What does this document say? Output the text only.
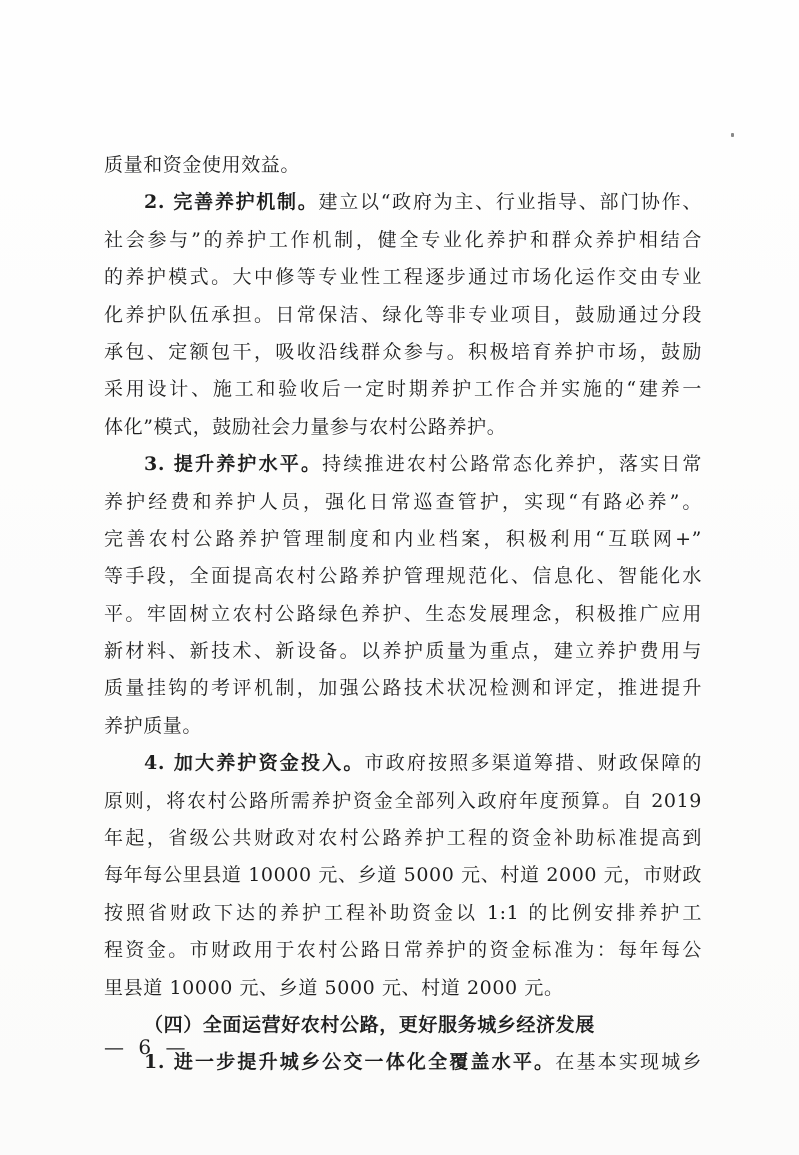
质量和资金使用效益。
2. 完善养护机制。建立以“政府为主、行业指导、部门协作、
社会参与”的养护工作机制，健全专业化养护和群众养护相结合
的养护模式。大中修等专业性工程逐步通过市场化运作交由专业
化养护队伍承担。日常保洁、绿化等非专业项目，鼓励通过分段
承包、定额包干，吸收沿线群众参与。积极培育养护市场，鼓励
采用设计、施工和验收后一定时期养护工作合并实施的“建养一
体化”模式，鼓励社会力量参与农村公路养护。
3. 提升养护水平。持续推进农村公路常态化养护，落实日常
养护经费和养护人员，强化日常巡查管护，实现“有路必养”。
完善农村公路养护管理制度和内业档案，积极利用“互联网+”
等手段，全面提高农村公路养护管理规范化、信息化、智能化水
平。牢固树立农村公路绿色养护、生态发展理念，积极推广应用
新材料、新技术、新设备。以养护质量为重点，建立养护费用与
质量挂钩的考评机制，加强公路技术状况检测和评定，推进提升
养护质量。
4. 加大养护资金投入。市政府按照多渠道筹措、财政保障的
原则，将农村公路所需养护资金全部列入政府年度预算。自 2019
年起，省级公共财政对农村公路养护工程的资金补助标准提高到
每年每公里县道 10000 元、乡道 5000 元、村道 2000 元，市财政
按照省财政下达的养护工程补助资金以 1:1 的比例安排养护工
程资金。市财政用于农村公路日常养护的资金标准为：每年每公
里县道 10000 元、乡道 5000 元、村道 2000 元。
（四）全面运营好农村公路，更好服务城乡经济发展
1. 进一步提升城乡公交一体化全覆盖水平。在基本实现城乡
— 6 —
